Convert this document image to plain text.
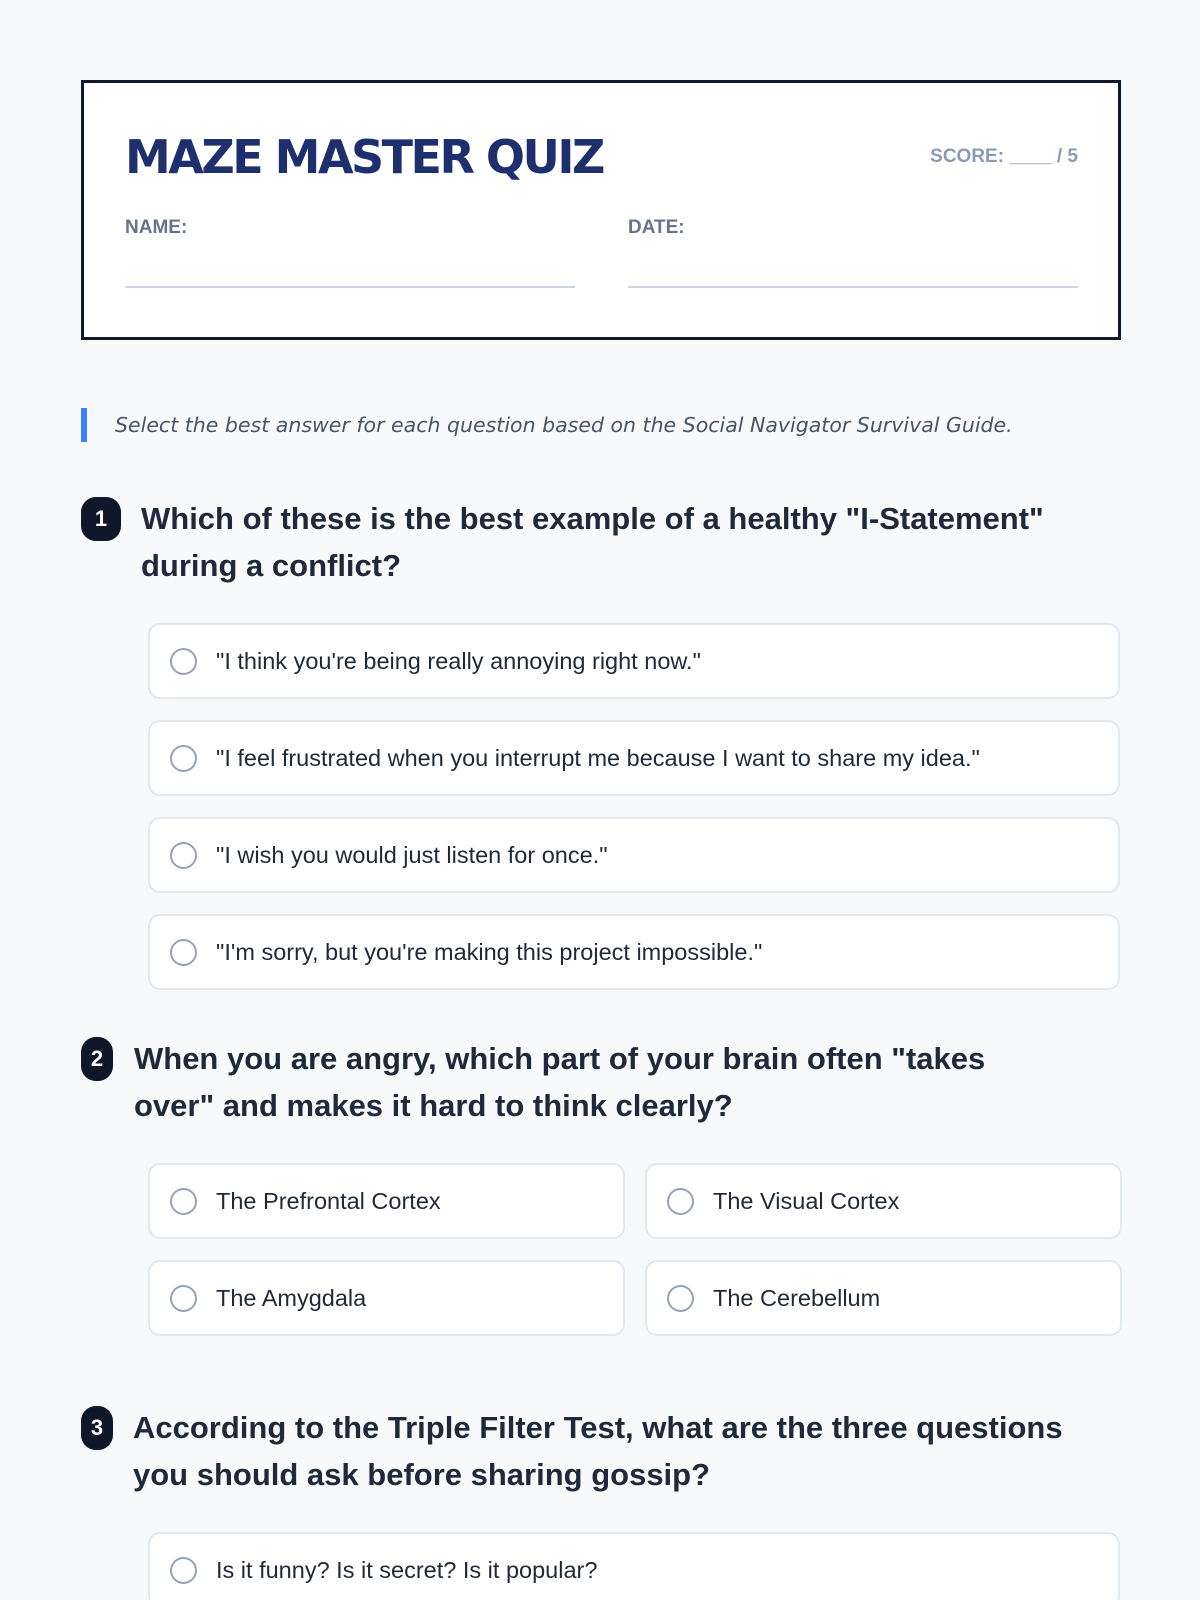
MAZE MASTER QUIZ	SCORE: ____ / 5
NAME:	DATE:
Select the best answer for each question based on the Social Navigator Survival Guide.
1	Which of these is the best example of a healthy "I-Statement" during a conflict?
"I think you're being really annoying right now."
"I feel frustrated when you interrupt me because I want to share my idea."
"I wish you would just listen for once."
"I'm sorry, but you're making this project impossible."
2 When you are angry, which part of your brain often "takes over" and makes it hard to think clearly?
The Prefrontal Cortex	The Visual Cortex
The Amygdala	The Cerebellum
3 According to the Triple Filter Test, what are the three questions you should ask before sharing gossip?
Is it funny? Is it secret? Is it popular?
